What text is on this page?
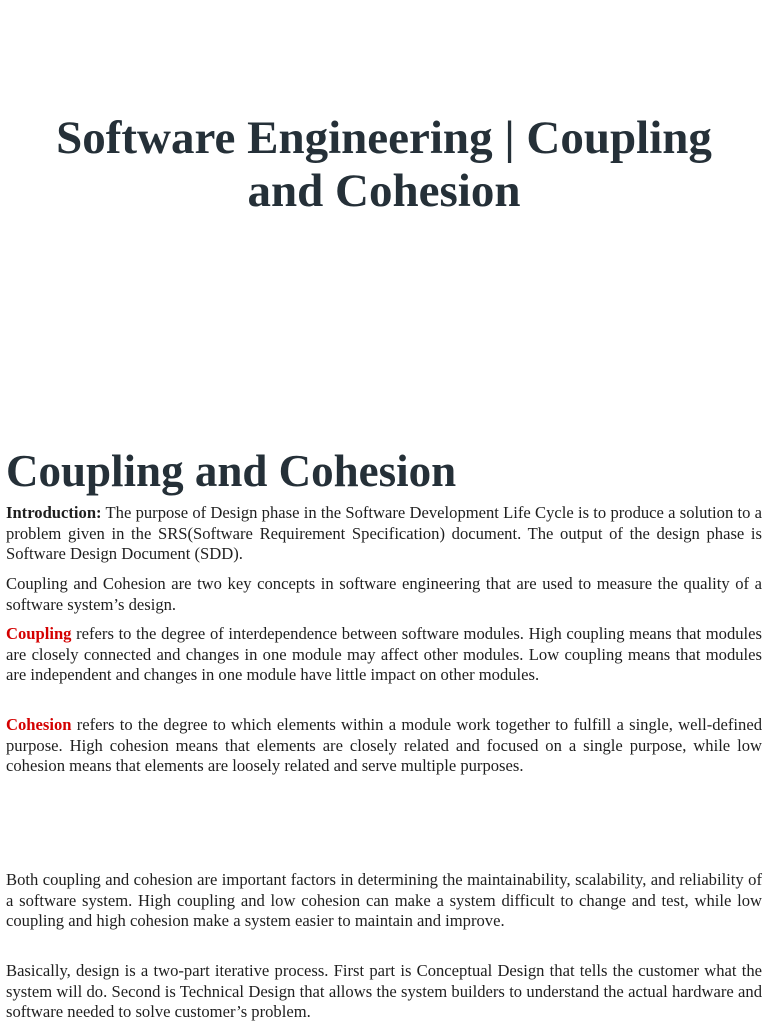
Software Engineering | Coupling and Cohesion
Coupling and Cohesion

Introduction: The purpose of Design phase in the Software Development Life Cycle is to produce a solution to a problem given in the SRS(Software Requirement Specification) document. The output of the design phase is Software Design Document (SDD).

Coupling and Cohesion are two key concepts in software engineering that are used to measure the quality of a software system’s design.

Coupling refers to the degree of interdependence between software modules. High coupling means that modules are closely connected and changes in one module may affect other modules. Low coupling means that modules are independent and changes in one module have little impact on other modules.

Cohesion refers to the degree to which elements within a module work together to fulfill a single, well-defined purpose. High cohesion means that elements are closely related and focused on a single purpose, while low cohesion means that elements are loosely related and serve multiple purposes.

Both coupling and cohesion are important factors in determining the maintainability, scalability, and reliability of a software system. High coupling and low cohesion can make a system difficult to change and test, while low coupling and high cohesion make a system easier to maintain and improve.

Basically, design is a two-part iterative process. First part is Conceptual Design that tells the customer what the system will do. Second is Technical Design that allows the system builders to understand the actual hardware and software needed to solve customer’s problem.
